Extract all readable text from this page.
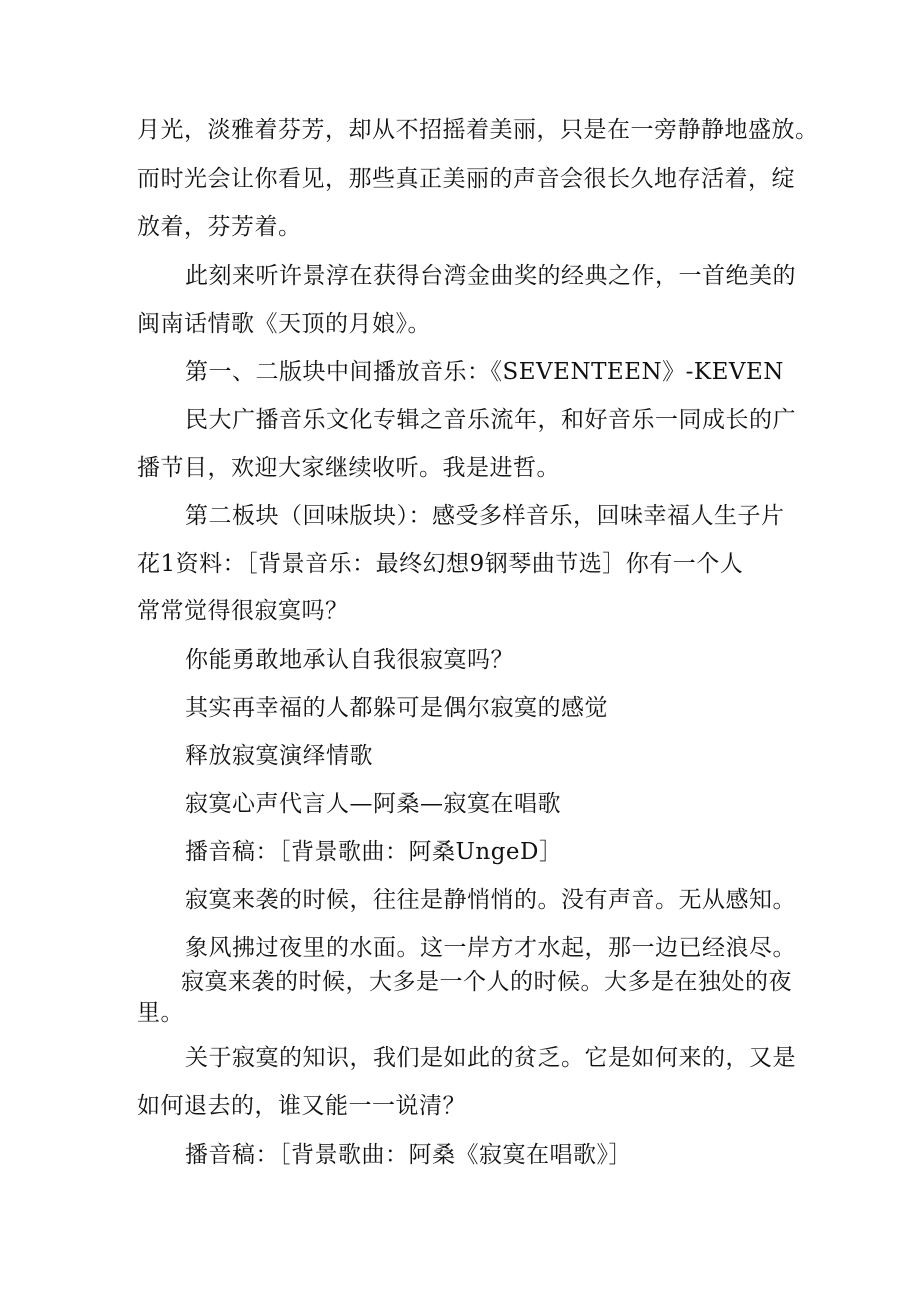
月光，淡雅着芬芳，却从不招摇着美丽，只是在一旁静静地盛放。
而时光会让你看见，那些真正美丽的声音会很长久地存活着，绽
放着，芬芳着。
此刻来听许景淳在获得台湾金曲奖的经典之作，一首绝美的
闽南话情歌《天顶的月娘》。
第一、二版块中间播放音乐：《SEVENTEEN》-KEVEN
民大广播音乐文化专辑之音乐流年，和好音乐一同成长的广
播节目，欢迎大家继续收听。我是进哲。
第二板块（回味版块）：感受多样音乐，回味幸福人生子片
花1资料：［背景音乐：最终幻想9钢琴曲节选］你有一个人
常常觉得很寂寞吗？
你能勇敢地承认自我很寂寞吗？
其实再幸福的人都躲可是偶尔寂寞的感觉
释放寂寞演绎情歌
寂寞心声代言人—阿桑—寂寞在唱歌
播音稿：［背景歌曲：阿桑UngeD］
寂寞来袭的时候，往往是静悄悄的。没有声音。无从感知。
象风拂过夜里的水面。这一岸方才水起，那一边已经浪尽。
寂寞来袭的时候，大多是一个人的时候。大多是在独处的夜
里。
关于寂寞的知识，我们是如此的贫乏。它是如何来的，又是
如何退去的，谁又能一一说清？
播音稿：［背景歌曲：阿桑《寂寞在唱歌》］
